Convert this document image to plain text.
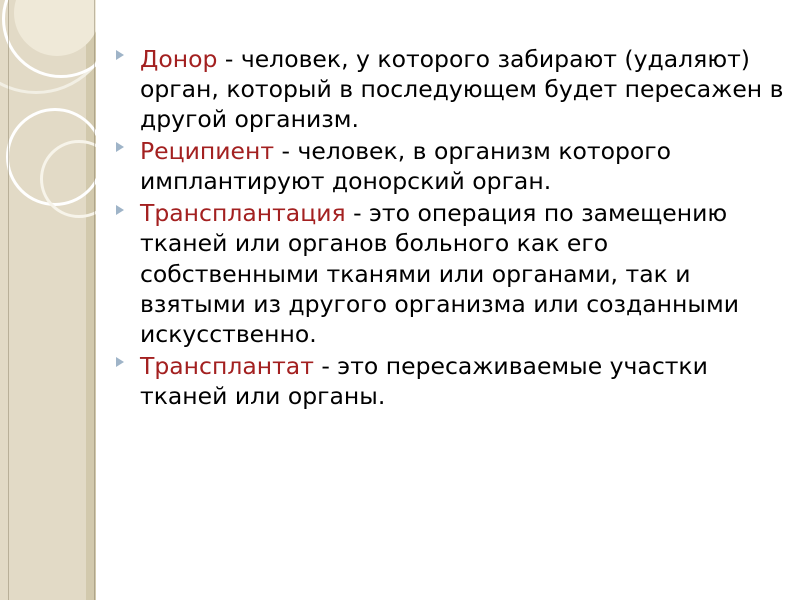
Донор - человек, у которого забирают (удаляют) орган, который в последующем будет пересажен в другой организм.
Реципиент - человек, в организм которого имплантируют донорский орган.
Трансплантация - это операция по замещению тканей или органов больного как его собственными тканями или органами, так и взятыми из другого организма или созданными искусственно.
Трансплантат - это пересаживаемые участки тканей или органы.
